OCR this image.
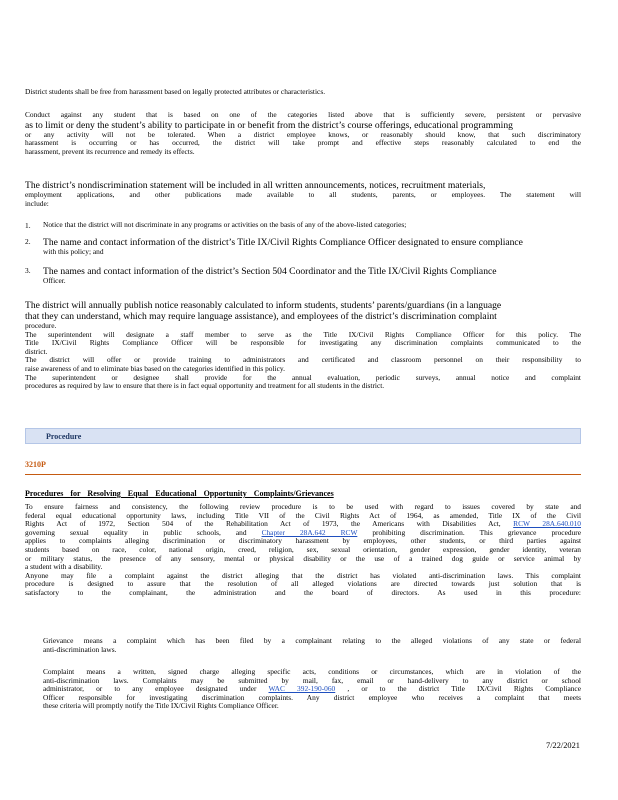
District students shall be free from harassment based on legally protected attributes or characteristics.

Conduct against any student that is based on one of the categories listed above that is sufficiently severe, persistent or pervasive

as to limit or deny the student’s ability to participate in or benefit from the district’s course offerings, educational programming

or any activity will not be tolerated. When a district employee knows, or reasonably should know, that such discriminatory

harassment is occurring or has occurred, the district will take prompt and effective steps reasonably calculated to end the

harassment, prevent its recurrence and remedy its effects.

The district’s nondiscrimination statement will be included in all written announcements, notices, recruitment materials,

employment applications, and other publications made available to all students, parents, or employees. The statement will

include:

1. Notice that the district will not discriminate in any programs or activities on the basis of any of the above-listed categories;
2. The name and contact information of the district’s Title IX/Civil Rights Compliance Officer designated to ensure compliance

with this policy; and

3. The names and contact information of the district’s Section 504 Coordinator and the Title IX/Civil Rights Compliance

Officer.

The district will annually publish notice reasonably calculated to inform students, students’ parents/guardians (in a language

that they can understand, which may require language assistance), and employees of the district’s discrimination complaint

procedure.

The superintendent will designate a staff member to serve as the Title IX/Civil Rights Compliance Officer for this policy. The

Title IX/Civil Rights Compliance Officer will be responsible for investigating any discrimination complaints communicated to the

district.

The district will offer or provide training to administrators and certificated and classroom personnel on their responsibility to

raise awareness of and to eliminate bias based on the categories identified in this policy.

The superintendent or designee shall provide for the annual evaluation, periodic surveys, annual notice and complaint

procedures as required by law to ensure that there is in fact equal opportunity and treatment for all students in the district.

Procedure
3210P
Procedures for Resolving Equal Educational Opportunity Complaints/Grievances

To ensure fairness and consistency, the following review procedure is to be used with regard to issues covered by state and

federal equal educational opportunity laws, including Title VII of the Civil Rights Act of 1964, as amended, Title IX of the Civil

Rights Act of 1972, Section 504 of the Rehabilitation Act of 1973, the Americans with Disabilities Act, RCW 28A.640.010

governing sexual equality in public schools, and Chapter 28A.642 RCW prohibiting discrimination. This grievance procedure

applies to complaints alleging discrimination or discriminatory harassment by employees, other students, or third parties against

students based on race, color, national origin, creed, religion, sex, sexual orientation, gender expression, gender identity, veteran

or military status, the presence of any sensory, mental or physical disability or the use of a trained dog guide or service animal by

a student with a disability.

Anyone may file a complaint against the district alleging that the district has violated anti-discrimination laws. This complaint

procedure is designed to assure that the resolution of all alleged violations are directed towards just solution that is

satisfactory to the complainant, the administration and the board of directors. As used in this procedure:

Grievance means a complaint which has been filed by a complainant relating to the alleged violations of any state or federal

anti-discrimination laws.

Complaint means a written, signed charge alleging specific acts, conditions or circumstances, which are in violation of the

anti-discrimination laws. Complaints may be submitted by mail, fax, email or hand-delivery to any district or school

administrator, or to any employee designated under WAC 392-190-060 , or to the district Title IX/Civil Rights Compliance

Officer responsible for investigating discrimination complaints. Any district employee who receives a complaint that meets

these criteria will promptly notify the Title IX/Civil Rights Compliance Officer.

7/22/2021
